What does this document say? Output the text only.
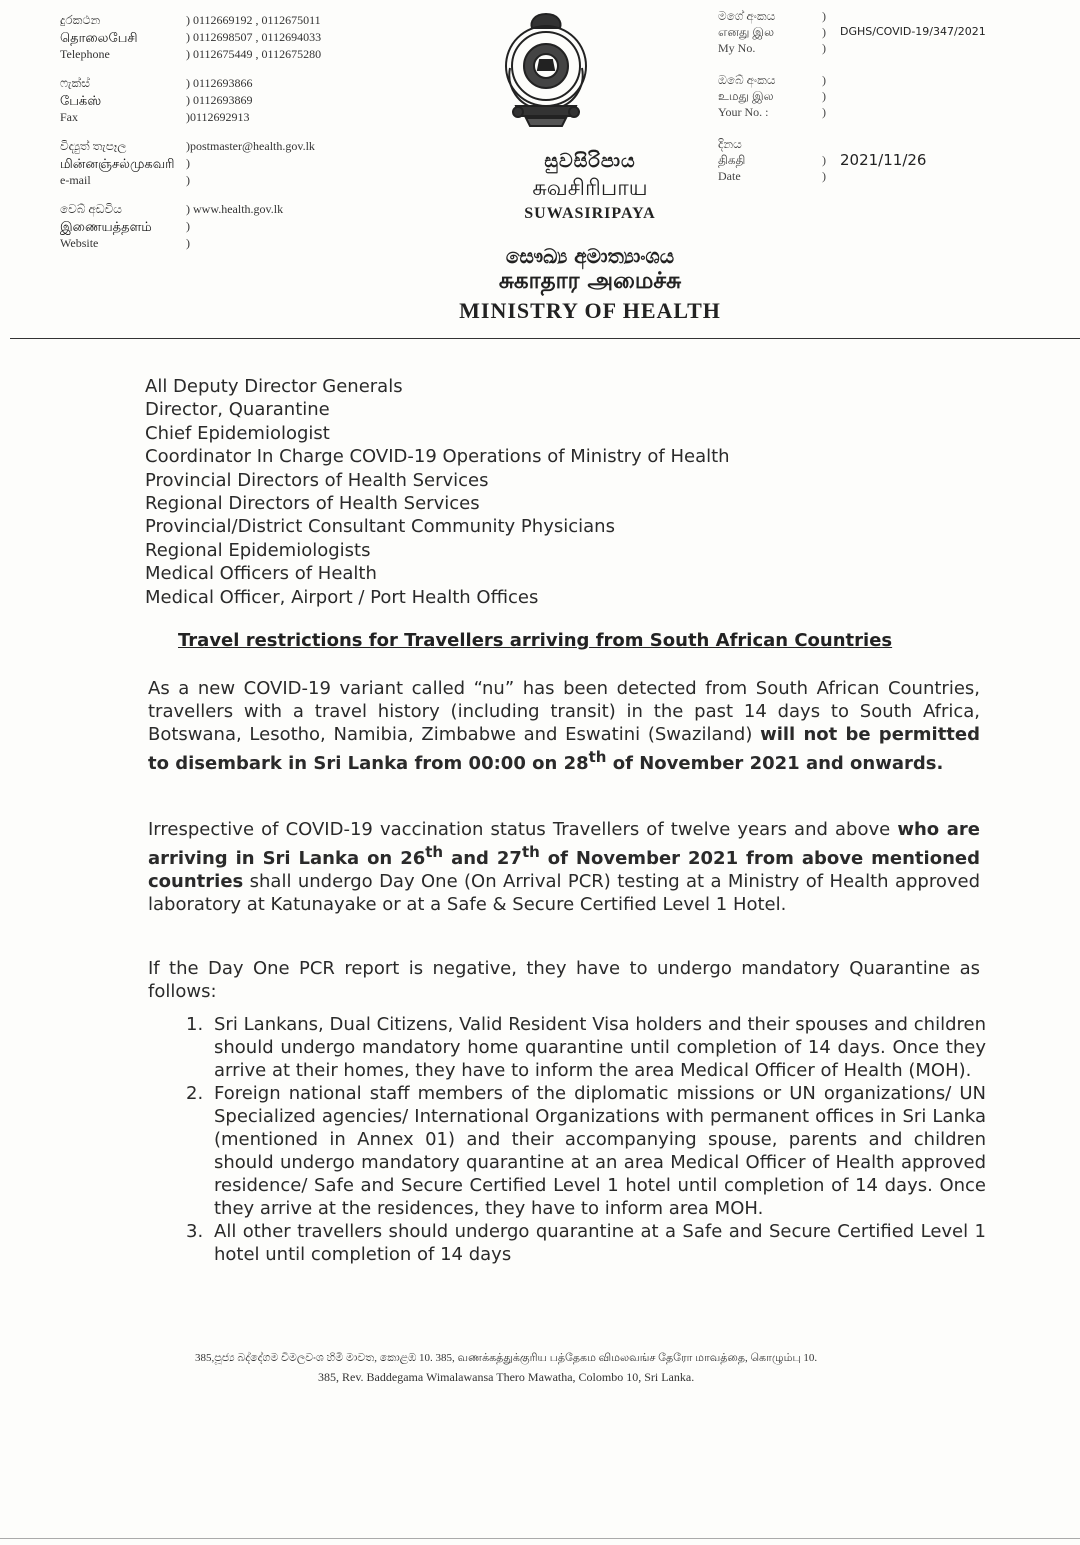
දුරකථන	) 0112669192 , 0112675011
தொலைபேசி	) 0112698507 , 0112694033
Telephone	) 0112675449 , 0112675280
ෆැක්ස්	) 0112693866
பேக்ஸ்	) 0112693869
Fax	)0112692913
විද්‍යුත් තැපෑල	)postmaster@health.gov.lk
மின்னஞ்சல்முகவரி )
e-mail	)
වෙබ් අඩවිය	) www.health.gov.lk
இணையத்தளம்	)
Website	)
සුවසිරිපාය
சுவசிரிபாய
SUWASIRIPAYA
සෞඛ්‍ය අමාත්‍යාංශය
சுகாதார அமைச்சு
MINISTRY OF HEALTH
මගේ අංකය	)
எனது இல	) DGHS/COVID-19/347/2021
My No.	)
ඔබේ අංකය	)
உமது இல	)
Your No. :	)
දිනය
திகதி	) 2021/11/26
Date	)
All Deputy Director Generals
Director, Quarantine
Chief Epidemiologist
Coordinator In Charge COVID-19 Operations of Ministry of Health
Provincial Directors of Health Services
Regional Directors of Health Services
Provincial/District Consultant Community Physicians
Regional Epidemiologists
Medical Officers of Health
Medical Officer, Airport / Port Health Offices
Travel restrictions for Travellers arriving from South African Countries
As a new COVID-19 variant called “nu” has been detected from South African Countries, travellers with a travel history (including transit) in the past 14 days to South Africa, Botswana, Lesotho, Namibia, Zimbabwe and Eswatini (Swaziland) will not be permitted to disembark in Sri Lanka from 00:00 on 28th of November 2021 and onwards.
Irrespective of COVID-19 vaccination status Travellers of twelve years and above who are arriving in Sri Lanka on 26th and 27th of November 2021 from above mentioned countries shall undergo Day One (On Arrival PCR) testing at a Ministry of Health approved laboratory at Katunayake or at a Safe & Secure Certified Level 1 Hotel.
If the Day One PCR report is negative, they have to undergo mandatory Quarantine as follows:
1. Sri Lankans, Dual Citizens, Valid Resident Visa holders and their spouses and children should undergo mandatory home quarantine until completion of 14 days. Once they arrive at their homes, they have to inform the area Medical Officer of Health (MOH).
2. Foreign national staff members of the diplomatic missions or UN organizations/ UN Specialized agencies/ International Organizations with permanent offices in Sri Lanka (mentioned in Annex 01) and their accompanying spouse, parents and children should undergo mandatory quarantine at an area Medical Officer of Health approved residence/ Safe and Secure Certified Level 1 hotel until completion of 14 days. Once they arrive at the residences, they have to inform area MOH.
3. All other travellers should undergo quarantine at a Safe and Secure Certified Level 1 hotel until completion of 14 days
385,පූජ්‍ය බද්දේගම විමලවංශ හිමි මාවත, කොළඹ 10. 385, வணக்கத்துக்குரிய பத்தேகம விமலவங்ச தேரோ மாவத்தை, கொழும்பு 10.
385, Rev. Baddegama Wimalawansa Thero Mawatha, Colombo 10, Sri Lanka.
